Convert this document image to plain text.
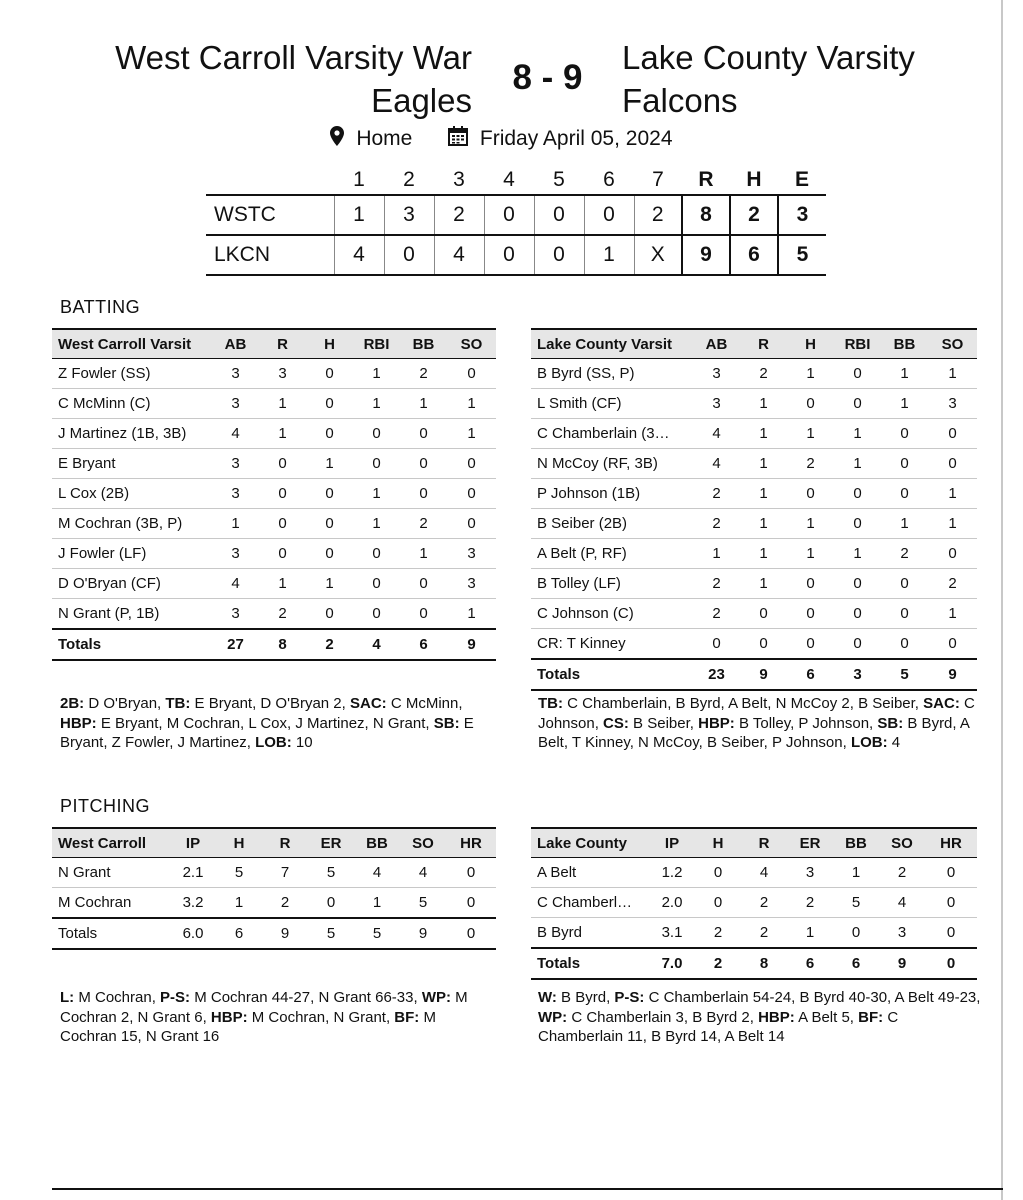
West Carroll Varsity War Eagles
8 - 9
Lake County Varsity Falcons
Home	Friday April 05, 2024
	1	2	3	4	5	6	7	R	H	E
WSTC	1	3	2	0	0	0	2	8	2	3
LKCN	4	0	4	0	0	1	X	9	6	5
BATTING
West Carroll Varsit	AB	R	H	RBI	BB	SO
Z Fowler (SS)	3	3	0	1	2	0
C McMinn (C)	3	1	0	1	1	1
J Martinez (1B, 3B)	4	1	0	0	0	1
E Bryant	3	0	1	0	0	0
L Cox (2B)	3	0	0	1	0	0
M Cochran (3B, P)	1	0	0	1	2	0
J Fowler (LF)	3	0	0	0	1	3
D O'Bryan (CF)	4	1	1	0	0	3
N Grant (P, 1B)	3	2	0	0	0	1
Totals	27	8	2	4	6	9
Lake County Varsit	AB	R	H	RBI	BB	SO
B Byrd (SS, P)	3	2	1	0	1	1
L Smith (CF)	3	1	0	0	1	3
C Chamberlain (3…	4	1	1	1	0	0
N McCoy (RF, 3B)	4	1	2	1	0	0
P Johnson (1B)	2	1	0	0	0	1
B Seiber (2B)	2	1	1	0	1	1
A Belt (P, RF)	1	1	1	1	2	0
B Tolley (LF)	2	1	0	0	0	2
C Johnson (C)	2	0	0	0	0	1
CR: T Kinney	0	0	0	0	0	0
Totals	23	9	6	3	5	9
2B: D O'Bryan, TB: E Bryant, D O'Bryan 2, SAC: C McMinn, HBP: E Bryant, M Cochran, L Cox, J Martinez, N Grant, SB: E Bryant, Z Fowler, J Martinez, LOB: 10
TB: C Chamberlain, B Byrd, A Belt, N McCoy 2, B Seiber, SAC: C Johnson, CS: B Seiber, HBP: B Tolley, P Johnson, SB: B Byrd, A Belt, T Kinney, N McCoy, B Seiber, P Johnson, LOB: 4
PITCHING
West Carroll	IP	H	R	ER	BB	SO	HR
N Grant	2.1	5	7	5	4	4	0
M Cochran	3.2	1	2	0	1	5	0
Totals	6.0	6	9	5	5	9	0
Lake County	IP	H	R	ER	BB	SO	HR
A Belt	1.2	0	4	3	1	2	0
C Chamberl…	2.0	0	2	2	5	4	0
B Byrd	3.1	2	2	1	0	3	0
Totals	7.0	2	8	6	6	9	0
L: M Cochran, P-S: M Cochran 44-27, N Grant 66-33, WP: M Cochran 2, N Grant 6, HBP: M Cochran, N Grant, BF: M Cochran 15, N Grant 16
W: B Byrd, P-S: C Chamberlain 54-24, B Byrd 40-30, A Belt 49-23, WP: C Chamberlain 3, B Byrd 2, HBP: A Belt 5, BF: C Chamberlain 11, B Byrd 14, A Belt 14
